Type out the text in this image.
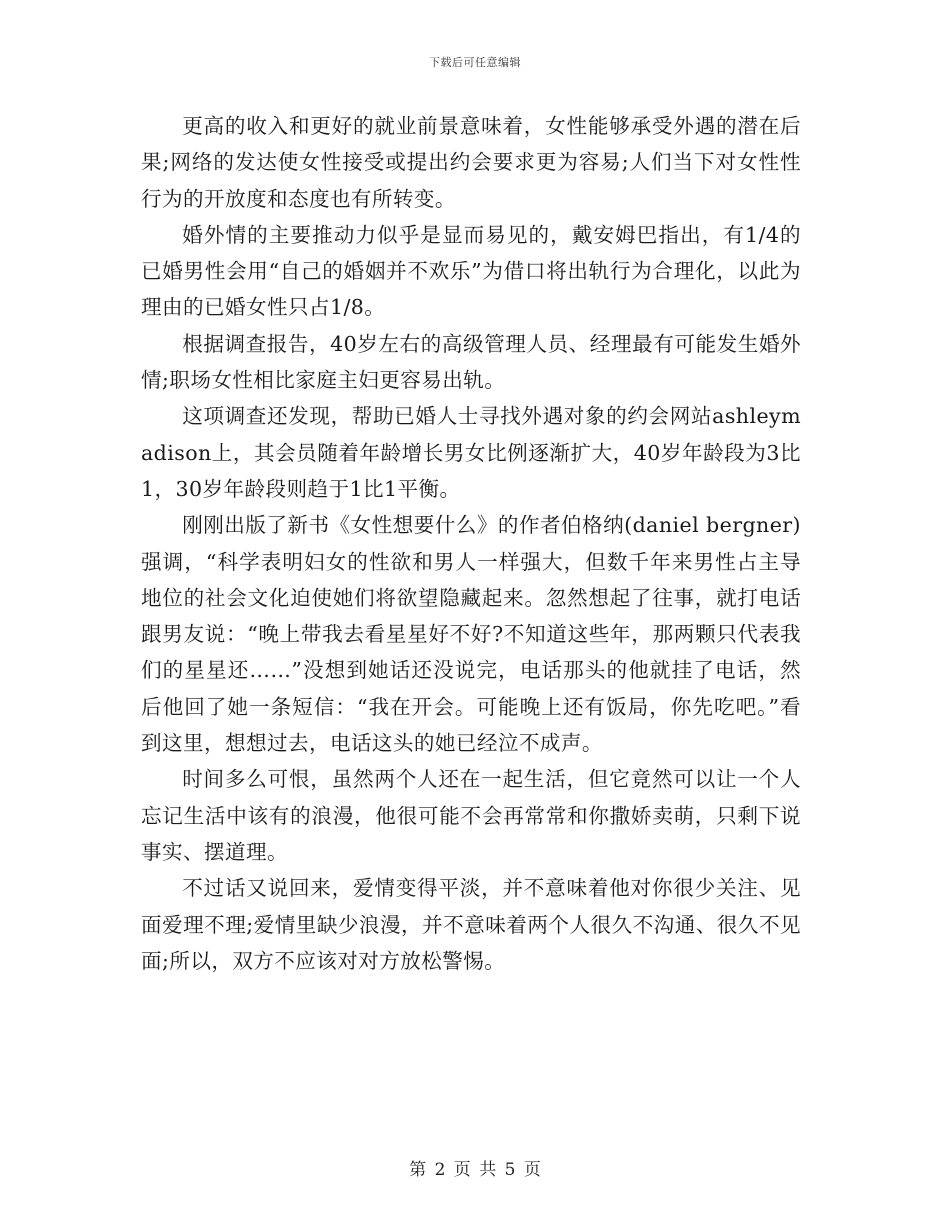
下载后可任意编辑

更高的收入和更好的就业前景意味着，女性能够承受外遇的潜在后果;网络的发达使女性接受或提出约会要求更为容易;人们当下对女性性行为的开放度和态度也有所转变。

婚外情的主要推动力似乎是显而易见的，戴安姆巴指出，有1/4的已婚男性会用“自己的婚姻并不欢乐”为借口将出轨行为合理化，以此为理由的已婚女性只占1/8。

根据调查报告，40岁左右的高级管理人员、经理最有可能发生婚外情;职场女性相比家庭主妇更容易出轨。

这项调查还发现，帮助已婚人士寻找外遇对象的约会网站ashleymadison上，其会员随着年龄增长男女比例逐渐扩大，40岁年龄段为3比1，30岁年龄段则趋于1比1平衡。

刚刚出版了新书《女性想要什么》的作者伯格纳(daniel bergner)强调，“科学表明妇女的性欲和男人一样强大，但数千年来男性占主导地位的社会文化迫使她们将欲望隐藏起来。忽然想起了往事，就打电话跟男友说：“晚上带我去看星星好不好?不知道这些年，那两颗只代表我们的星星还……”没想到她话还没说完，电话那头的他就挂了电话，然后他回了她一条短信：“我在开会。可能晚上还有饭局，你先吃吧。”看到这里，想想过去，电话这头的她已经泣不成声。

时间多么可恨，虽然两个人还在一起生活，但它竟然可以让一个人忘记生活中该有的浪漫，他很可能不会再常常和你撒娇卖萌，只剩下说事实、摆道理。

不过话又说回来，爱情变得平淡，并不意味着他对你很少关注、见面爱理不理;爱情里缺少浪漫，并不意味着两个人很久不沟通、很久不见面;所以，双方不应该对对方放松警惕。

第 2 页 共 5 页
